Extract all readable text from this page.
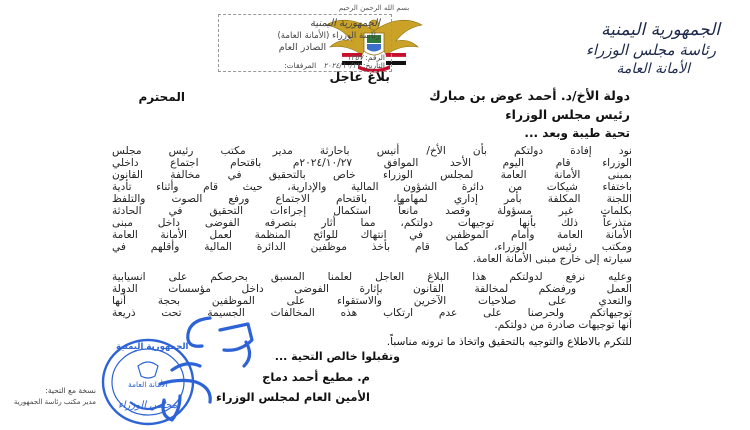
الجمهورية اليمنية
رئاسة مجلس الوزراء
الأمانة العامة
بسم الله الرحمن الرحيم
الجمهورية اليمنية
رئاسة الوزراء (الأمانة العامة)
الصادر العام
الرقم: ١٣٥٧
التاريخ: ٢٠٢٤/١٠/٢٧   المرفقات:
بلاغ عاجل
دولة الأخ/د. أحمد عوض بن مبارك
المحترم
رئيس مجلس الوزراء
تحية طيبة وبعد ...
نود إفادة دولتكم بأن الأخ/ أنيس باحارثة مدير مكتب رئيس مجلس
الوزراء قام اليوم الأحد الموافق ٢٠٢٤/١٠/٢٧م باقتحام اجتماع داخلي
بمبنى الأمانة العامة لمجلس الوزراء خاص بالتحقيق في مخالفة القانون
باختفاء شيكات من دائرة الشؤون المالية والإدارية، حيث قام وأثناء تأدية
اللجنة المكلفة بأمر إداري لمهامها، باقتحام الاجتماع ورفع الصوت والتلفظ
بكلمات غير مسؤولة وقصد مانعاً استكمال إجراءات التحقيق في الحادثة
متذرعاً ذلك بأنها توجيهات دولتكم، مما أثار بتصرفه الفوضى داخل مبنى
الأمانة العامة وأمام الموظفين في انتهاك للوائح المنظمة لعمل الأمانة العامة
ومكتب رئيس الوزراء، كما قام بأخذ موظفين الدائرة المالية وأقلهم في
سيارته إلى خارج مبنى الأمانة العامة.
وعليه نرفع لدولتكم هذا البلاغ العاجل لعلمنا المسبق بحرصكم على انسيابية
العمل ورفضكم لمخالفة القانون بإثارة الفوضى داخل مؤسسات الدولة
والتعدي على صلاحيات الآخرين والاستقواء على الموظفين بحجة أنها
توجيهاتكم ولحرصنا على عدم ارتكاب هذه المخالفات الجسيمة تحت ذريعة
أنها توجيهات صادرة من دولتكم.
للتكرم بالاطلاع والتوجيه بالتحقيق واتخاذ ما ترونه مناسباً.
وتقبلوا خالص التحية ...
م. مطيع أحمد دماج
الأمين العام لمجلس الوزراء
الجمهورية اليمنية
الأمانة العامة
مجلس الوزراء
نسخة مع التحية:
مدير مكتب رئاسة الجمهورية
